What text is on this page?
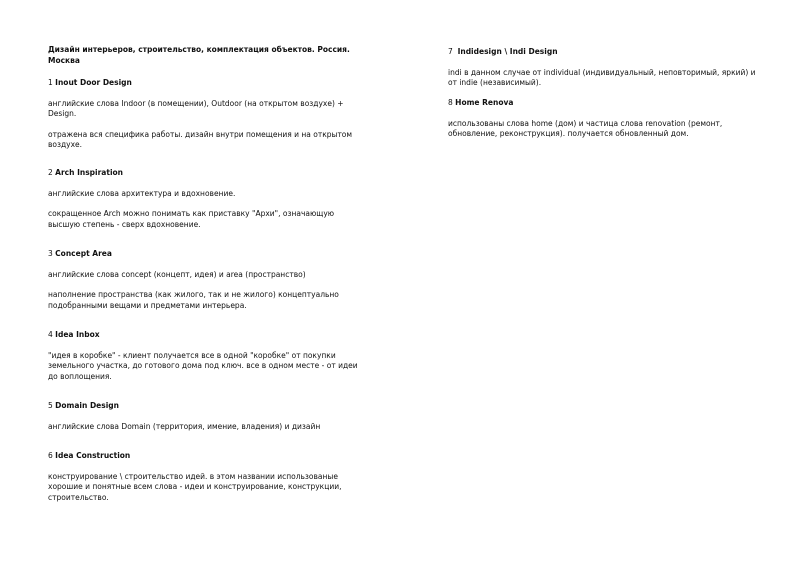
Дизайн интерьеров, строительство, комплектация объектов. Россия. Москва
1 Inout Door Design

английские слова Indoor (в помещении), Outdoor (на открытом воздухе) + Design.

отражена вся специфика работы. дизайн внутри помещения и на открытом воздухе.

2 Arch Inspiration

английские слова архитектура и вдохновение.

сокращенное Arch можно понимать как приставку "Архи", означающую высшую степень - сверх вдохновение.

3 Concept Area

английские слова concept (концепт, идея) и area (пространство)

наполнение пространства (как жилого, так и не жилого) концептуально подобранными вещами и предметами интерьера.

4 Idea Inbox

"идея в коробке" - клиент получается все в одной "коробке" от покупки земельного участка, до готового дома под ключ. все в одном месте - от идеи до воплощения.

5 Domain Design

английские слова Domain (территория, имение, владения) и дизайн

6 Idea Construction

конструирование \ строительство идей. в этом названии использованые хорошие и понятные всем слова - идеи и конструирование, конструкции, строительство.

7 Indidesign \ Indi Design

indi в данном случае от individual (индивидуальный, неповторимый, яркий) и от indie (независимый).

8 Home Renova

использованы слова home (дом) и частица слова renovation (ремонт, обновление, реконструкция). получается обновленный дом.
